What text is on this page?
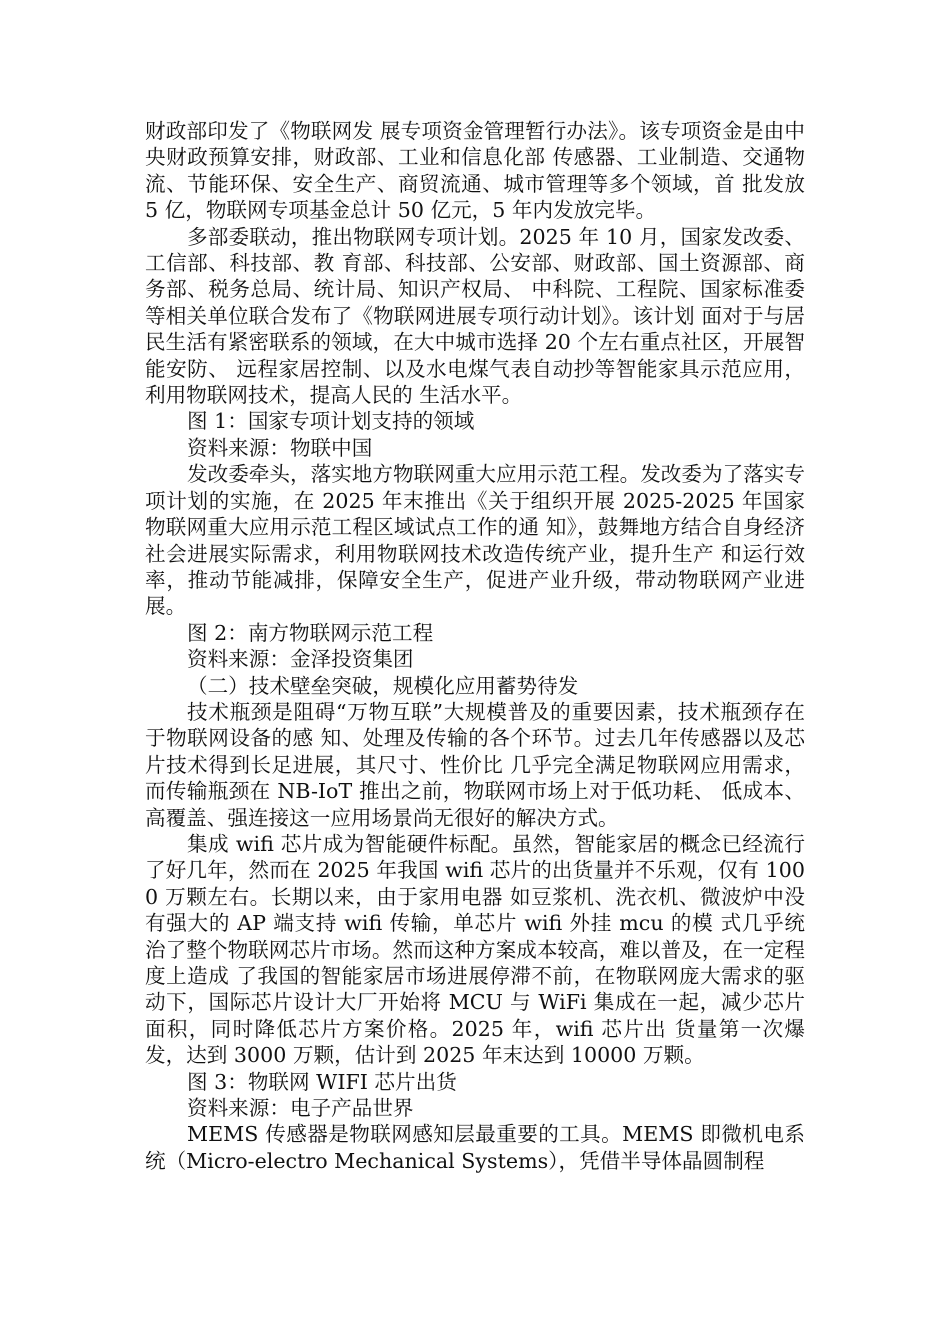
财政部印发了《物联网发 展专项资金管理暂行办法》。该专项资金是由中央财政预算安排，财政部、工业和信息化部 传感器、工业制造、交通物流、节能环保、安全生产、商贸流通、城市管理等多个领域，首 批发放 5 亿，物联网专项基金总计 50 亿元，5 年内发放完毕。

多部委联动，推出物联网专项计划。2025 年 10 月，国家发改委、工信部、科技部、教 育部、科技部、公安部、财政部、国土资源部、商务部、税务总局、统计局、知识产权局、 中科院、工程院、国家标准委等相关单位联合发布了《物联网进展专项行动计划》。该计划 面对于与居民生活有紧密联系的领域，在大中城市选择 20 个左右重点社区，开展智能安防、 远程家居控制、以及水电煤气表自动抄等智能家具示范应用，利用物联网技术，提高人民的 生活水平。

图 1：国家专项计划支持的领域

资料来源：物联中国

发改委牵头，落实地方物联网重大应用示范工程。发改委为了落实专项计划的实施，在 2025 年末推出《关于组织开展 2025-2025 年国家物联网重大应用示范工程区域试点工作的通 知》，鼓舞地方结合自身经济社会进展实际需求，利用物联网技术改造传统产业，提升生产 和运行效率，推动节能减排，保障安全生产，促进产业升级，带动物联网产业进展。

图 2：南方物联网示范工程

资料来源：金泽投资集团

（二）技术壁垒突破，规模化应用蓄势待发

技术瓶颈是阻碍“万物互联”大规模普及的重要因素，技术瓶颈存在于物联网设备的感 知、处理及传输的各个环节。过去几年传感器以及芯片技术得到长足进展，其尺寸、性价比 几乎完全满足物联网应用需求，而传输瓶颈在 NB-IoT 推出之前，物联网市场上对于低功耗、 低成本、高覆盖、强连接这一应用场景尚无很好的解决方式。

集成 wifi 芯片成为智能硬件标配。虽然，智能家居的概念已经流行了好几年，然而在 2025 年我国 wifi 芯片的出货量并不乐观，仅有 1000 万颗左右。长期以来，由于家用电器 如豆浆机、洗衣机、微波炉中没有强大的 AP 端支持 wifi 传输，单芯片 wifi 外挂 mcu 的模 式几乎统治了整个物联网芯片市场。然而这种方案成本较高，难以普及，在一定程度上造成 了我国的智能家居市场进展停滞不前，在物联网庞大需求的驱动下，国际芯片设计大厂开始将 MCU 与 WiFi 集成在一起，减少芯片面积，同时降低芯片方案价格。2025 年，wifi 芯片出 货量第一次爆发，达到 3000 万颗，估计到 2025 年末达到 10000 万颗。

图 3：物联网 WIFI 芯片出货

资料来源：电子产品世界

MEMS 传感器是物联网感知层最重要的工具。MEMS 即微机电系统（Micro-electro Mechanical Systems），凭借半导体晶圆制程
